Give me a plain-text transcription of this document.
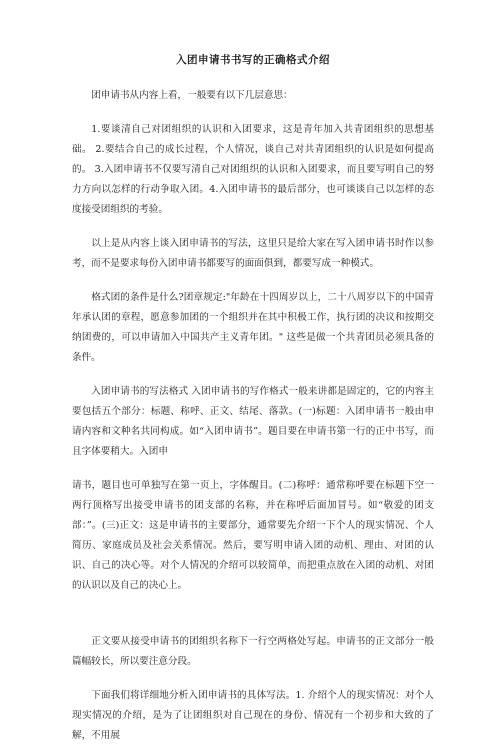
入团申请书书写的正确格式介绍

团申请书从内容上看，一般要有以下几层意思：

1.要谈清自己对团组织的认识和入团要求，这是青年加入共青团组织的思想基础。 2.要结合自己的成长过程，个人情况，谈自己对共青团组织的认识是如何提高的。 3.入团申请书不仅要写清自己对团组织的认识和入团要求，而且要写明自己的努力方向以怎样的行动争取入团。4.入团申请书的最后部分，也可谈谈自己以怎样的态度接受团组织的考验。

以上是从内容上谈入团申请书的写法，这里只是给大家在写入团申请书时作以参考，而不是要求每份入团申请书都要写的面面俱到，都要写成一种模式。

格式团的条件是什么?团章规定:"年龄在十四周岁以上，二十八周岁以下的中国青年承认团的章程，愿意参加团的一个组织并在其中积极工作，执行团的决议和按期交纳团费的，可以申请加入中国共产主义青年团。" 这些是做一个共青团员必须具备的条件。

入团申请书的写法格式 入团申请书的写作格式一般来讲都是固定的，它的内容主要包括五个部分：标题、称呼、正文、结尾、落款。(一)标题：入团申请书一般由申请内容和文种名共同构成。如“入团申请书”。题目要在申请书第一行的正中书写，而且字体要稍大。入团申

请书，题目也可单独写在第一页上，字体醒目。(二)称呼：通常称呼要在标题下空一两行顶格写出接受申请书的团支部的名称，并在称呼后面加冒号。如“敬爱的团支部：”。(三)正文：这是申请书的主要部分，通常要先介绍一下个人的现实情况、个人简历、家庭成员及社会关系情况。然后，要写明申请入团的动机、理由、对团的认识、自己的决心等。对个人情况的介绍可以较简单，而把重点放在入团的动机、对团的认识以及自己的决心上。

正文要从接受申请书的团组织名称下一行空两格处写起。申请书的正文部分一般篇幅较长，所以要注意分段。

下面我们将详细地分析入团申请书的具体写法。1. 介绍个人的现实情况：对个人现实情况的介绍，是为了让团组织对自己现在的身份、情况有一个初步和大致的了解，不用展
